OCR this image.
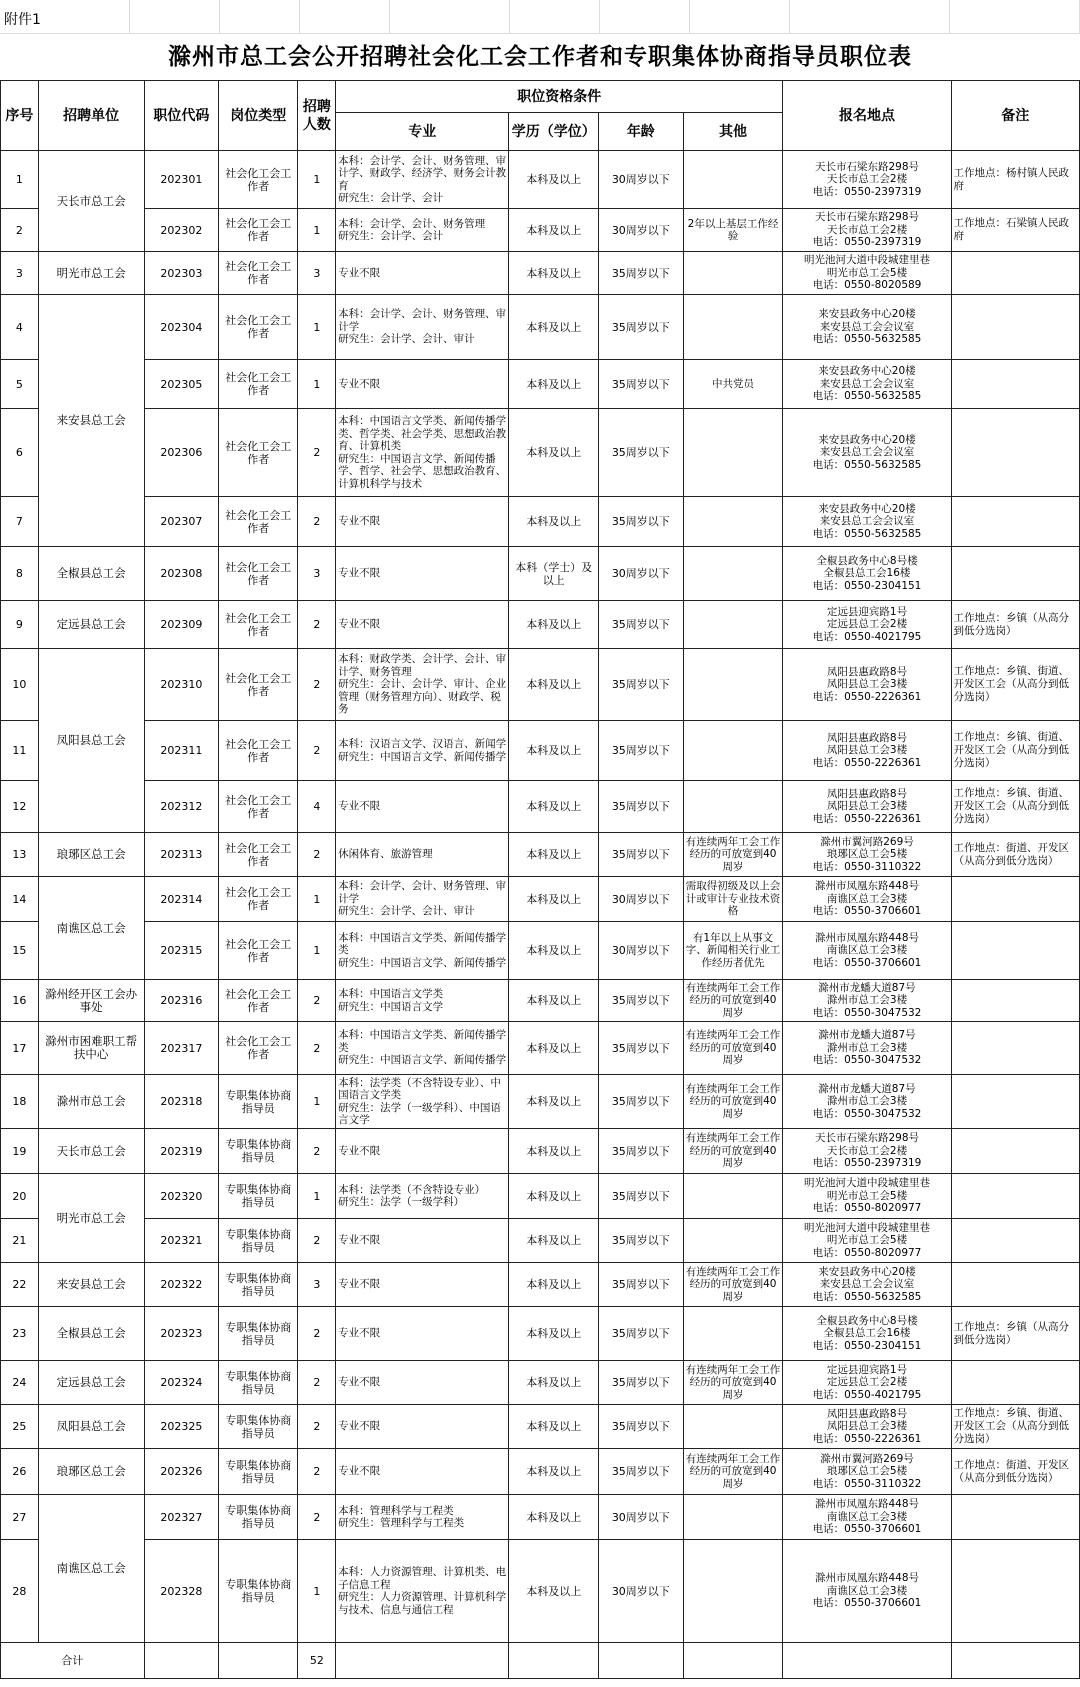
附件1
滁州市总工会公开招聘社会化工会工作者和专职集体协商指导员职位表
序号	招聘单位	职位代码	岗位类型	招聘人数	职位资格条件				报名地点	备注
					专业	学历（学位）	年龄	其他		
1	天长市总工会	202301	社会化工会工作者	1	本科：会计学、会计、财务管理、审计学、财政学、经济学、财务会计教育
研究生：会计学、会计	本科及以上	30周岁以下		天长市石梁东路298号
天长市总工会2楼
电话：0550-2397319	工作地点：杨村镇人民政府
2		202302	社会化工会工作者	1	本科：会计学、会计、财务管理
研究生：会计学、会计	本科及以上	30周岁以下	2年以上基层工作经验	天长市石梁东路298号
天长市总工会2楼
电话：0550-2397319	工作地点：石梁镇人民政府
3	明光市总工会	202303	社会化工会工作者	3	专业不限	本科及以上	35周岁以下		明光池河大道中段城建里巷
明光市总工会5楼
电话：0550-8020589	
4	来安县总工会	202304	社会化工会工作者	1	本科：会计学、会计、财务管理、审计学
研究生：会计学、会计、审计	本科及以上	35周岁以下		来安县政务中心20楼
来安县总工会会议室
电话：0550-5632585	
5		202305	社会化工会工作者	1	专业不限	本科及以上	35周岁以下	中共党员	来安县政务中心20楼
来安县总工会会议室
电话：0550-5632585	
6		202306	社会化工会工作者	2	本科：中国语言文学类、新闻传播学类、哲学类、社会学类、思想政治教育、计算机类
研究生：中国语言文学、新闻传播学、哲学、社会学、思想政治教育、计算机科学与技术	本科及以上	35周岁以下		来安县政务中心20楼
来安县总工会会议室
电话：0550-5632585	
7		202307	社会化工会工作者	2	专业不限	本科及以上	35周岁以下		来安县政务中心20楼
来安县总工会会议室
电话：0550-5632585	
8	全椒县总工会	202308	社会化工会工作者	3	专业不限	本科（学士）及以上	30周岁以下		全椒县政务中心8号楼
全椒县总工会16楼
电话：0550-2304151	
9	定远县总工会	202309	社会化工会工作者	2	专业不限	本科及以上	35周岁以下		定远县迎宾路1号
定远县总工会2楼
电话：0550-4021795	工作地点：乡镇（从高分到低分选岗）
10	凤阳县总工会	202310	社会化工会工作者	2	本科：财政学类、会计学、会计、审计学、财务管理
研究生：会计、会计学、审计、企业管理（财务管理方向）、财政学、税务	本科及以上	35周岁以下		凤阳县惠政路8号
凤阳县总工会3楼
电话：0550-2226361	工作地点：乡镇、街道、开发区工会（从高分到低分选岗）
11		202311	社会化工会工作者	2	本科：汉语言文学、汉语言、新闻学
研究生：中国语言文学、新闻传播学	本科及以上	35周岁以下		凤阳县惠政路8号
凤阳县总工会3楼
电话：0550-2226361	工作地点：乡镇、街道、开发区工会（从高分到低分选岗）
12		202312	社会化工会工作者	4	专业不限	本科及以上	35周岁以下		凤阳县惠政路8号
凤阳县总工会3楼
电话：0550-2226361	工作地点：乡镇、街道、开发区工会（从高分到低分选岗）
13	琅琊区总工会	202313	社会化工会工作者	2	休闲体育、旅游管理	本科及以上	35周岁以下	有连续两年工会工作经历的可放宽到40周岁	滁州市翼河路269号
琅琊区总工会5楼
电话：0550-3110322	工作地点：街道、开发区（从高分到低分选岗）
14	南谯区总工会	202314	社会化工会工作者	1	本科：会计学、会计、财务管理、审计学
研究生：会计学、会计、审计	本科及以上	30周岁以下	需取得初级及以上会计或审计专业技术资格	滁州市凤凰东路448号
南谯区总工会3楼
电话：0550-3706601	
15		202315	社会化工会工作者	1	本科：中国语言文学类、新闻传播学类
研究生：中国语言文学、新闻传播学	本科及以上	30周岁以下	有1年以上从事文字、新闻相关行业工作经历者优先	滁州市凤凰东路448号
南谯区总工会3楼
电话：0550-3706601	
16	滁州经开区工会办事处	202316	社会化工会工作者	2	本科：中国语言文学类
研究生：中国语言文学	本科及以上	35周岁以下	有连续两年工会工作经历的可放宽到40周岁	滁州市龙蟠大道87号
滁州市总工会3楼
电话：0550-3047532	
17	滁州市困难职工帮扶中心	202317	社会化工会工作者	2	本科：中国语言文学类、新闻传播学类
研究生：中国语言文学、新闻传播学	本科及以上	35周岁以下	有连续两年工会工作经历的可放宽到40周岁	滁州市龙蟠大道87号
滁州市总工会3楼
电话：0550-3047532	
18	滁州市总工会	202318	专职集体协商指导员	1	本科：法学类（不含特设专业）、中国语言文学类
研究生：法学（一级学科）、中国语言文学	本科及以上	35周岁以下	有连续两年工会工作经历的可放宽到40周岁	滁州市龙蟠大道87号
滁州市总工会3楼
电话：0550-3047532	
19	天长市总工会	202319	专职集体协商指导员	2	专业不限	本科及以上	35周岁以下	有连续两年工会工作经历的可放宽到40周岁	天长市石梁东路298号
天长市总工会2楼
电话：0550-2397319	
20	明光市总工会	202320	专职集体协商指导员	1	本科：法学类（不含特设专业）
研究生：法学（一级学科）	本科及以上	35周岁以下		明光池河大道中段城建里巷
明光市总工会5楼
电话：0550-8020977	
21		202321	专职集体协商指导员	2	专业不限	本科及以上	35周岁以下		明光池河大道中段城建里巷
明光市总工会5楼
电话：0550-8020977	
22	来安县总工会	202322	专职集体协商指导员	3	专业不限	本科及以上	35周岁以下	有连续两年工会工作经历的可放宽到40周岁	来安县政务中心20楼
来安县总工会会议室
电话：0550-5632585	
23	全椒县总工会	202323	专职集体协商指导员	2	专业不限	本科及以上	35周岁以下		全椒县政务中心8号楼
全椒县总工会16楼
电话：0550-2304151	工作地点：乡镇（从高分到低分选岗）
24	定远县总工会	202324	专职集体协商指导员	2	专业不限	本科及以上	35周岁以下	有连续两年工会工作经历的可放宽到40周岁	定远县迎宾路1号
定远县总工会2楼
电话：0550-4021795	
25	凤阳县总工会	202325	专职集体协商指导员	2	专业不限	本科及以上	35周岁以下		凤阳县惠政路8号
凤阳县总工会3楼
电话：0550-2226361	工作地点：乡镇、街道、开发区工会（从高分到低分选岗）
26	琅琊区总工会	202326	专职集体协商指导员	2	专业不限	本科及以上	35周岁以下	有连续两年工会工作经历的可放宽到40周岁	滁州市翼河路269号
琅琊区总工会5楼
电话：0550-3110322	工作地点：街道、开发区（从高分到低分选岗）
27	南谯区总工会	202327	专职集体协商指导员	2	本科：管理科学与工程类
研究生：管理科学与工程类	本科及以上	30周岁以下		滁州市凤凰东路448号
南谯区总工会3楼
电话：0550-3706601	
28		202328	专职集体协商指导员	1	本科：人力资源管理、计算机类、电子信息工程
研究生：人力资源管理、计算机科学与技术、信息与通信工程	本科及以上	30周岁以下		滁州市凤凰东路448号
南谯区总工会3楼
电话：0550-3706601	
合计				52						
